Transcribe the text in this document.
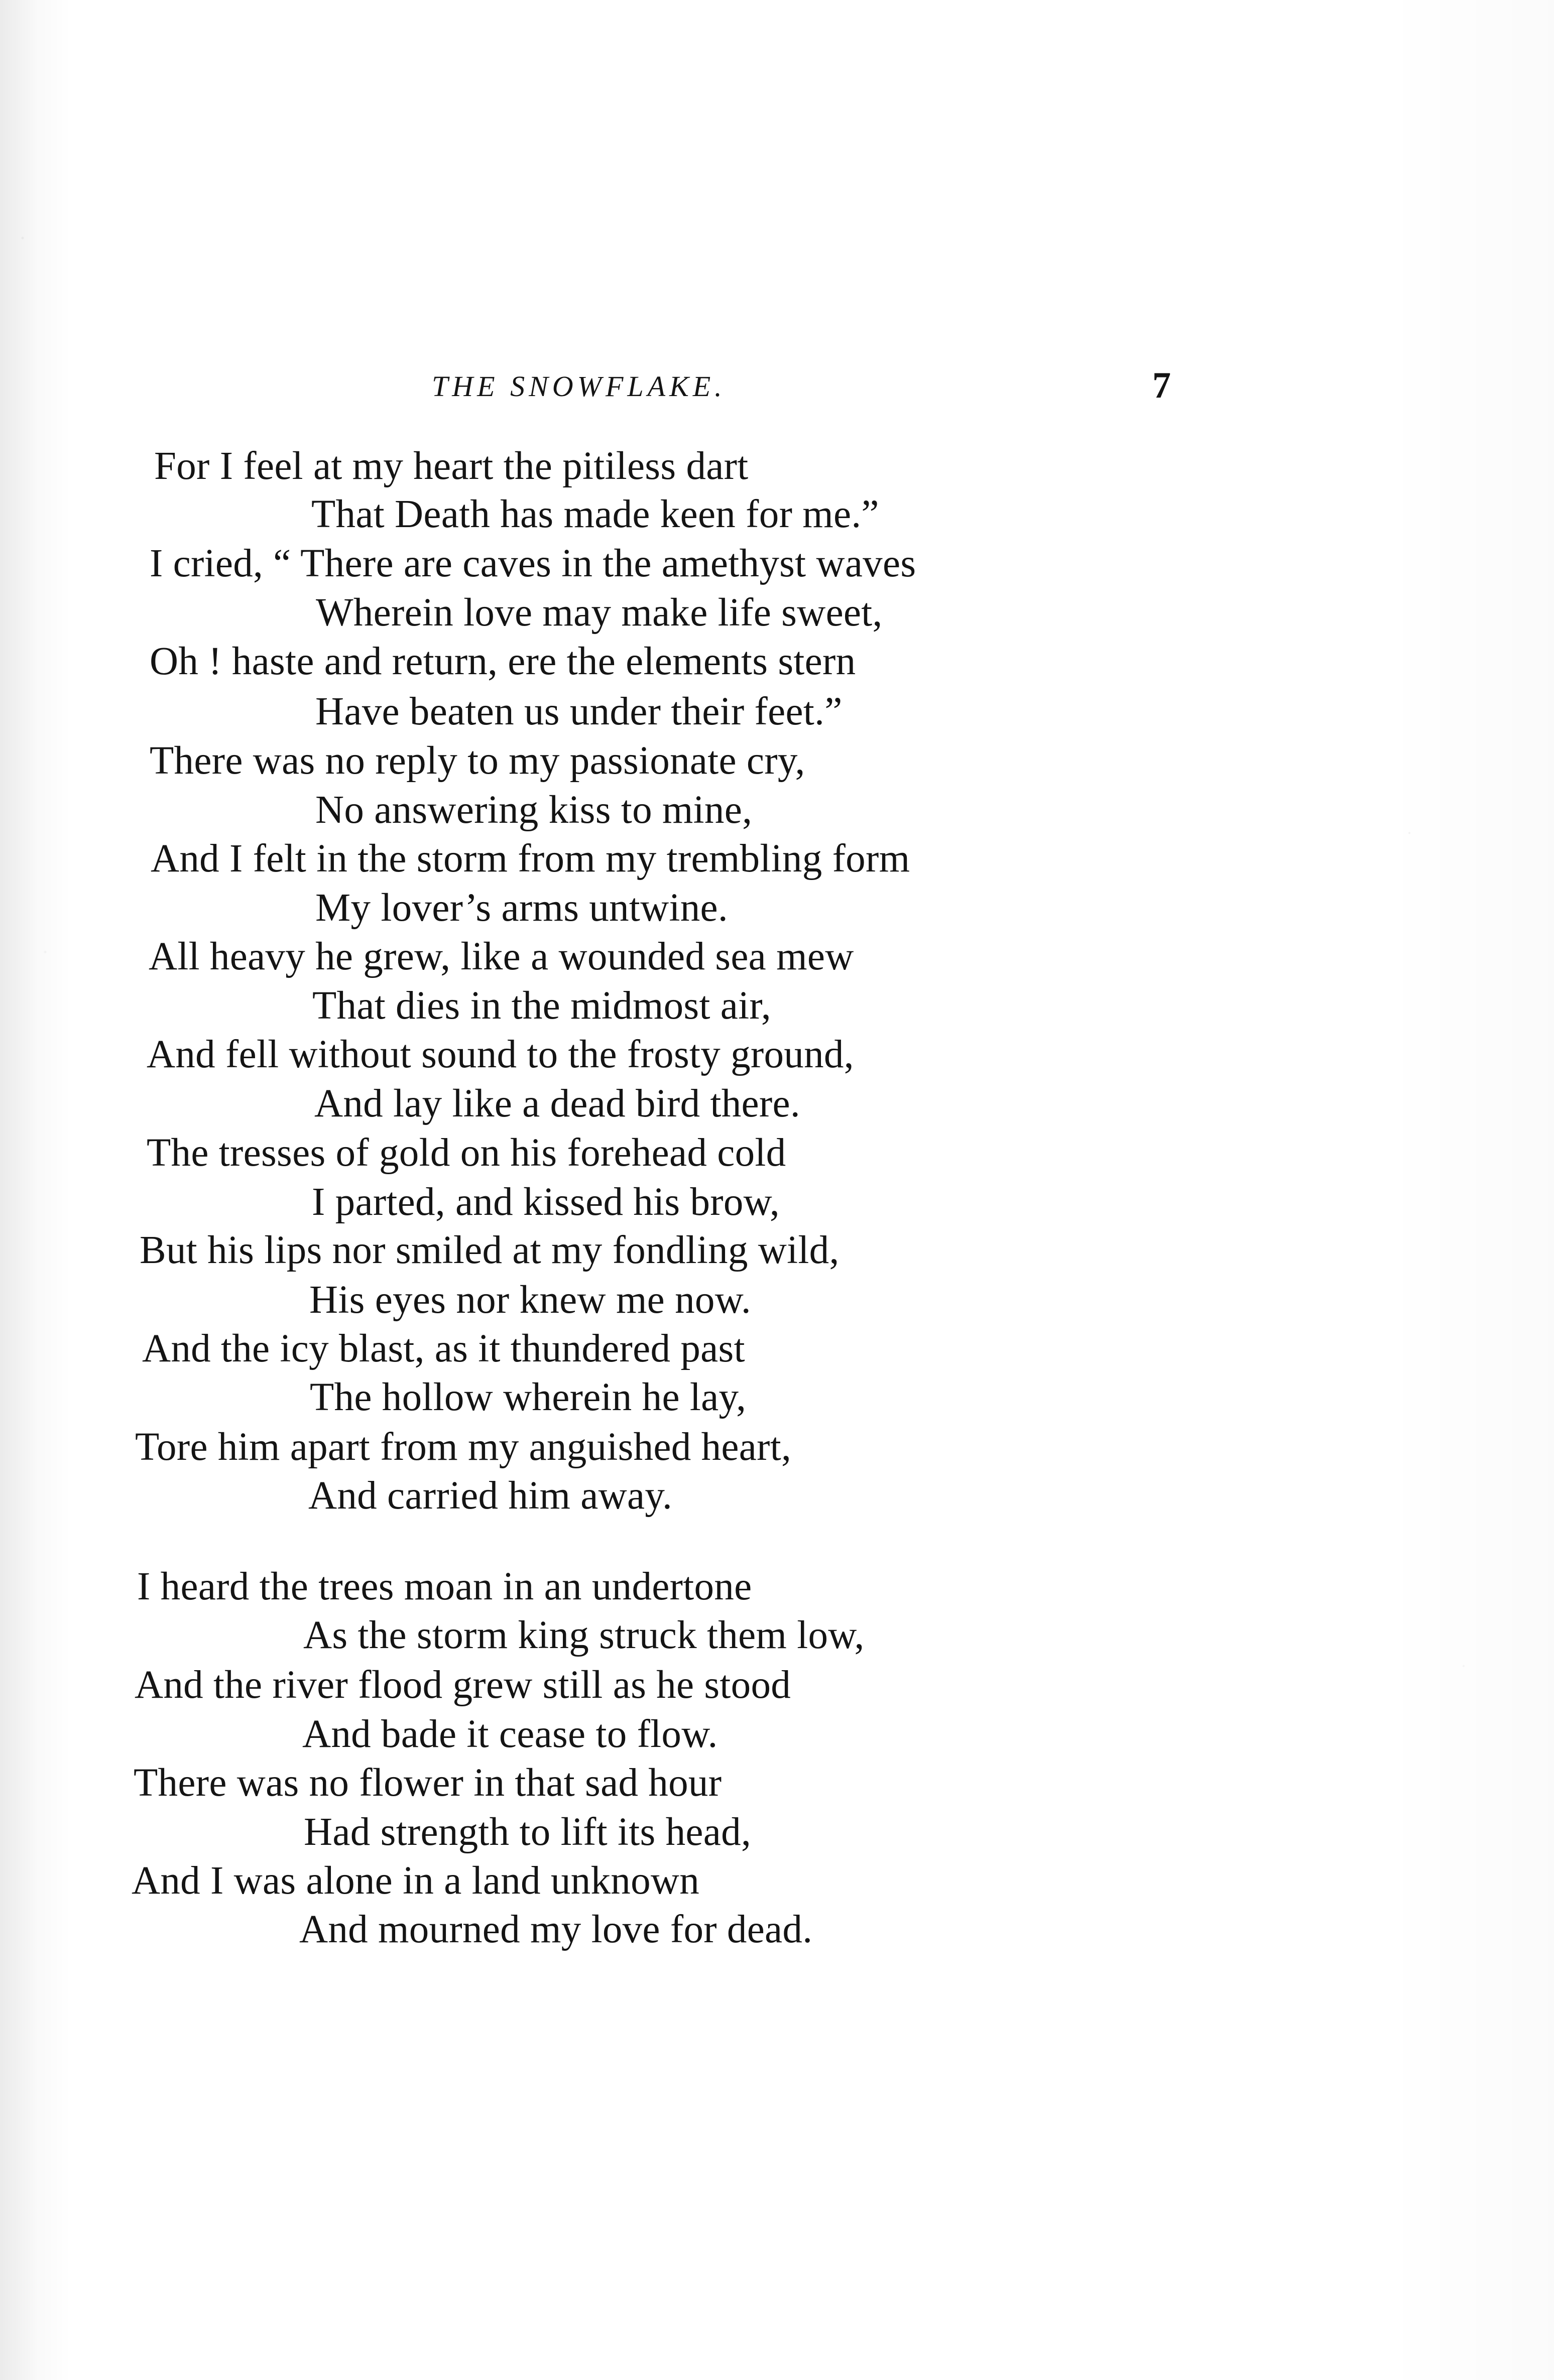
THE SNOWFLAKE.	7
For I feel at my heart the pitiless dart
That Death has made keen for me.”
I cried, “ There are caves in the amethyst waves
Wherein love may make life sweet,
Oh ! haste and return, ere the elements stern
Have beaten us under their feet.”
There was no reply to my passionate cry,
No answering kiss to mine,
And I felt in the storm from my trembling form
My lover’s arms untwine.
All heavy he grew, like a wounded sea mew
That dies in the midmost air,
And fell without sound to the frosty ground,
And lay like a dead bird there.
The tresses of gold on his forehead cold
I parted, and kissed his brow,
But his lips nor smiled at my fondling wild,
His eyes nor knew me now.
And the icy blast, as it thundered past
The hollow wherein he lay,
Tore him apart from my anguished heart,
And carried him away.
I heard the trees moan in an undertone
As the storm king struck them low,
And the river flood grew still as he stood
And bade it cease to flow.
There was no flower in that sad hour
Had strength to lift its head,
And I was alone in a land unknown
And mourned my love for dead.
